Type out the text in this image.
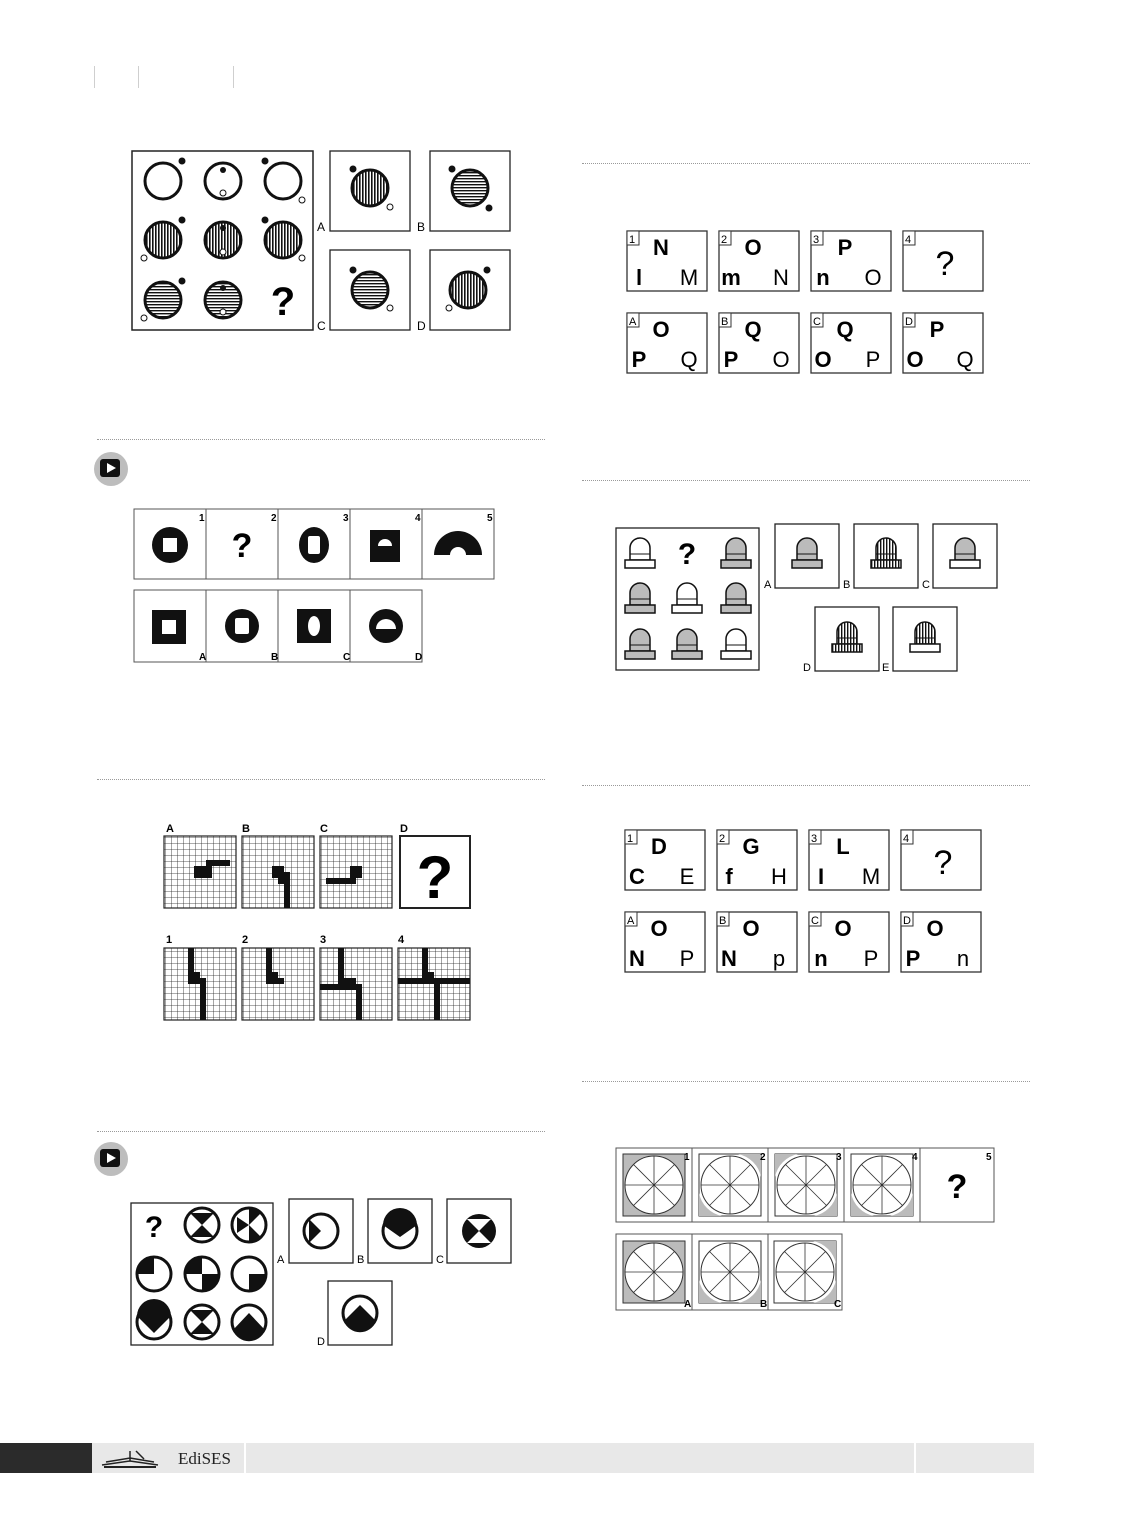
?
A	B
C	D
1	2	3	4	5
?
A	B	C	D
A	B	C	D
?
1	2	3	4
?
A	B	C
D
1 N
l M
2 O
m N
3 P
n O
4
?
A O
P Q
B Q
P O
C Q
O P
D P
O Q
?
A	B	C
D	E
1 D
C E
2 G
f H
3 L
I M
4
?
A O
N P
B O
N p
C O
n P
D O
P n
?
1	2	3	4	5
A	B	C
EdiSES
